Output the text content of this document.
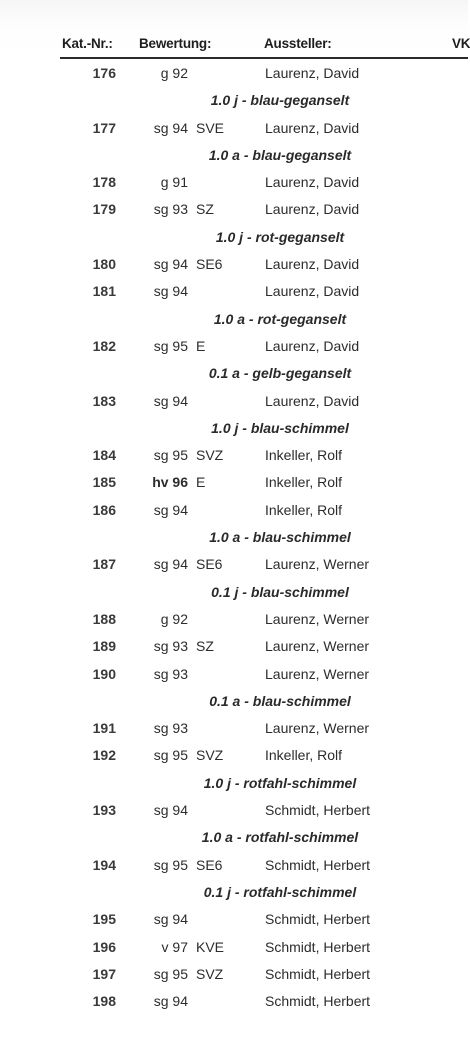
Kat.-Nr.: Bewertung:	Aussteller:	VK
176	g 92	Laurenz, David
1.0 j - blau-geganselt
177	sg 94 SVE	Laurenz, David
1.0 a - blau-geganselt
178	g 91	Laurenz, David
179	sg 93 SZ	Laurenz, David
1.0 j - rot-geganselt
180	sg 94 SE6	Laurenz, David
181	sg 94	Laurenz, David
1.0 a - rot-geganselt
182	sg 95 E	Laurenz, David
0.1 a - gelb-geganselt
183	sg 94	Laurenz, David
1.0 j - blau-schimmel
184	sg 95 SVZ	Inkeller, Rolf
185	hv 96 E	Inkeller, Rolf
186	sg 94	Inkeller, Rolf
1.0 a - blau-schimmel
187	sg 94 SE6	Laurenz, Werner
0.1 j - blau-schimmel
188	g 92	Laurenz, Werner
189	sg 93 SZ	Laurenz, Werner
190	sg 93	Laurenz, Werner
0.1 a - blau-schimmel
191	sg 93	Laurenz, Werner
192	sg 95 SVZ	Inkeller, Rolf
1.0 j - rotfahl-schimmel
193	sg 94	Schmidt, Herbert
1.0 a - rotfahl-schimmel
194	sg 95 SE6	Schmidt, Herbert
0.1 j - rotfahl-schimmel
195	sg 94	Schmidt, Herbert
196	v 97 KVE	Schmidt, Herbert
197	sg 95 SVZ	Schmidt, Herbert
198	sg 94	Schmidt, Herbert
